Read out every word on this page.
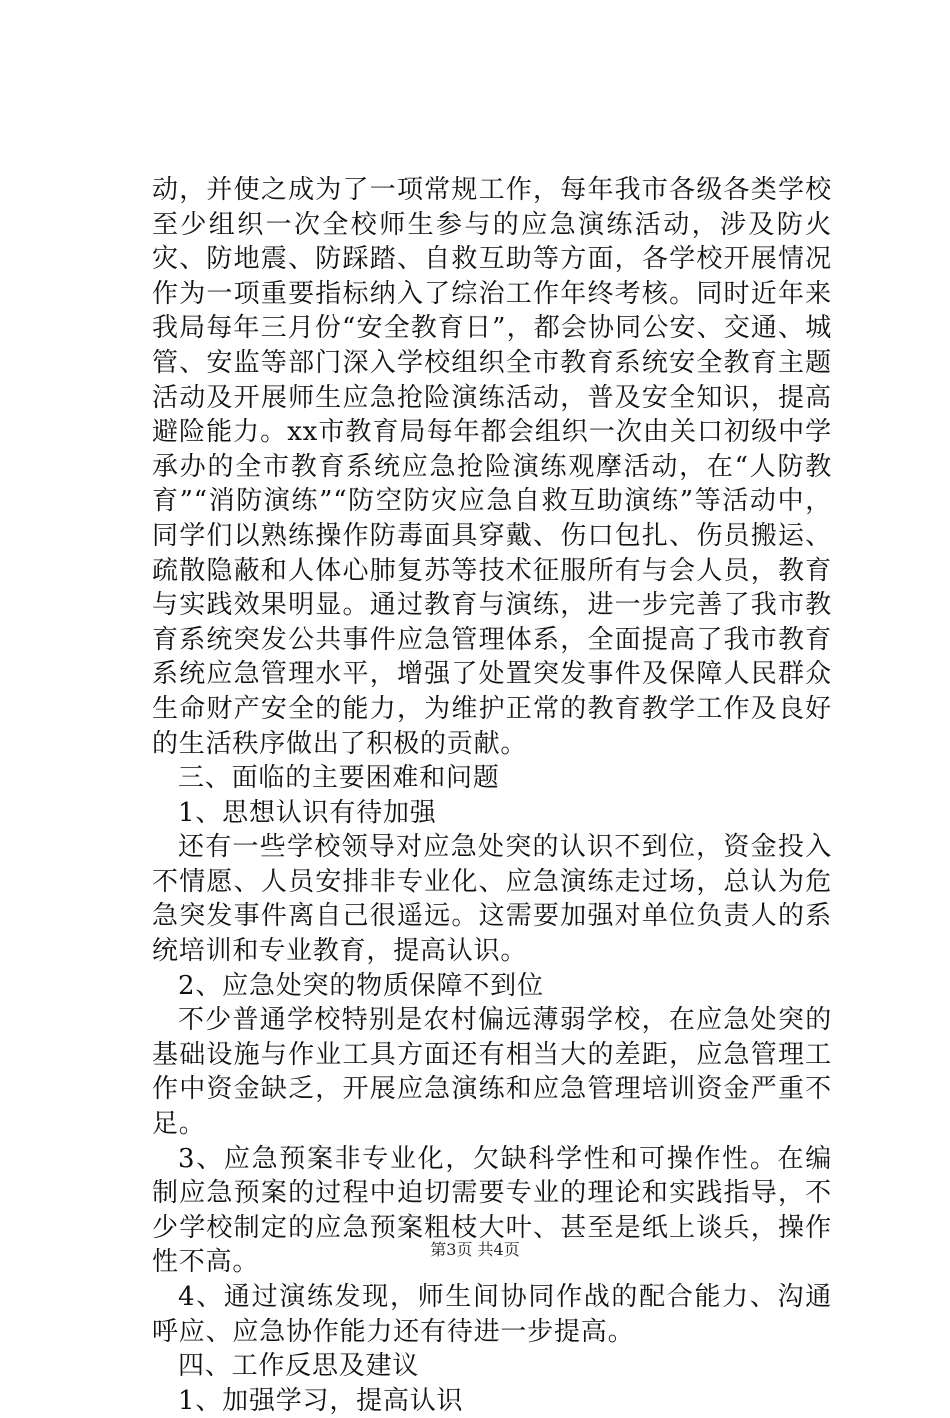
动，并使之成为了一项常规工作，每年我市各级各类学校至少组织一次全校师生参与的应急演练活动，涉及防火灾、防地震、防踩踏、自救互助等方面，各学校开展情况作为一项重要指标纳入了综治工作年终考核。同时近年来我局每年三月份“安全教育日”，都会协同公安、交通、城管、安监等部门深入学校组织全市教育系统安全教育主题活动及开展师生应急抢险演练活动，普及安全知识，提高避险能力。xx市教育局每年都会组织一次由关口初级中学承办的全市教育系统应急抢险演练观摩活动，在“人防教育”“消防演练”“防空防灾应急自救互助演练”等活动中，同学们以熟练操作防毒面具穿戴、伤口包扎、伤员搬运、疏散隐蔽和人体心肺复苏等技术征服所有与会人员，教育与实践效果明显。通过教育与演练，进一步完善了我市教育系统突发公共事件应急管理体系，全面提高了我市教育系统应急管理水平，增强了处置突发事件及保障人民群众生命财产安全的能力，为维护正常的教育教学工作及良好的生活秩序做出了积极的贡献。

三、面临的主要困难和问题

1、思想认识有待加强

还有一些学校领导对应急处突的认识不到位，资金投入不情愿、人员安排非专业化、应急演练走过场，总认为危急突发事件离自己很遥远。这需要加强对单位负责人的系统培训和专业教育，提高认识。

2、应急处突的物质保障不到位

不少普通学校特别是农村偏远薄弱学校，在应急处突的基础设施与作业工具方面还有相当大的差距，应急管理工作中资金缺乏，开展应急演练和应急管理培训资金严重不足。

3、应急预案非专业化，欠缺科学性和可操作性。在编制应急预案的过程中迫切需要专业的理论和实践指导，不少学校制定的应急预案粗枝大叶、甚至是纸上谈兵，操作性不高。

4、通过演练发现，师生间协同作战的配合能力、沟通呼应、应急协作能力还有待进一步提高。

四、工作反思及建议

1、加强学习，提高认识

第3页 共4页
